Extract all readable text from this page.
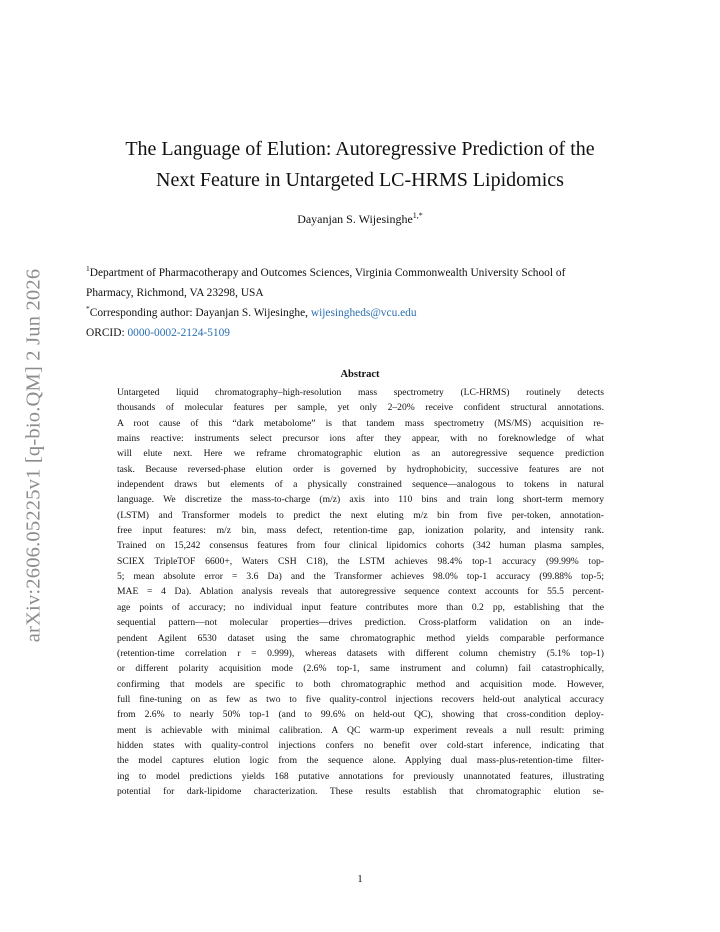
arXiv:2606.05225v1 [q-bio.QM] 2 Jun 2026
The Language of Elution: Autoregressive Prediction of the
Next Feature in Untargeted LC-HRMS Lipidomics
Dayanjan S. Wijesinghe$^{1,*}$
$^1$Department of Pharmacotherapy and Outcomes Sciences, Virginia Commonwealth University School of
Pharmacy, Richmond, VA 23298, USA
*Corresponding author: Dayanjan S. Wijesinghe, wijesingheds@vcu.edu
ORCID: 0000-0002-2124-5109
Abstract
Untargeted liquid chromatography–high-resolution mass spectrometry (LC-HRMS) routinely detects
thousands of molecular features per sample, yet only 2–20% receive confident structural annotations.
A root cause of this “dark metabolome” is that tandem mass spectrometry (MS/MS) acquisition re-
mains reactive: instruments select precursor ions after they appear, with no foreknowledge of what
will elute next. Here we reframe chromatographic elution as an autoregressive sequence prediction
task. Because reversed-phase elution order is governed by hydrophobicity, successive features are not
independent draws but elements of a physically constrained sequence—analogous to tokens in natural
language. We discretize the mass-to-charge (m/z) axis into 110 bins and train long short-term memory
(LSTM) and Transformer models to predict the next eluting m/z bin from five per-token, annotation-
free input features: m/z bin, mass defect, retention-time gap, ionization polarity, and intensity rank.
Trained on 15,242 consensus features from four clinical lipidomics cohorts (342 human plasma samples,
SCIEX TripleTOF 6600+, Waters CSH C18), the LSTM achieves 98.4% top-1 accuracy (99.99% top-
5; mean absolute error = 3.6 Da) and the Transformer achieves 98.0% top-1 accuracy (99.88% top-5;
MAE = 4 Da). Ablation analysis reveals that autoregressive sequence context accounts for 55.5 percent-
age points of accuracy; no individual input feature contributes more than 0.2 pp, establishing that the
sequential pattern—not molecular properties—drives prediction. Cross-platform validation on an inde-
pendent Agilent 6530 dataset using the same chromatographic method yields comparable performance
(retention-time correlation r = 0.999), whereas datasets with different column chemistry (5.1% top-1)
or different polarity acquisition mode (2.6% top-1, same instrument and column) fail catastrophically,
confirming that models are specific to both chromatographic method and acquisition mode. However,
full fine-tuning on as few as two to five quality-control injections recovers held-out analytical accuracy
from 2.6% to nearly 50% top-1 (and to 99.6% on held-out QC), showing that cross-condition deploy-
ment is achievable with minimal calibration. A QC warm-up experiment reveals a null result: priming
hidden states with quality-control injections confers no benefit over cold-start inference, indicating that
the model captures elution logic from the sequence alone. Applying dual mass-plus-retention-time filter-
ing to model predictions yields 168 putative annotations for previously unannotated features, illustrating
potential for dark-lipidome characterization. These results establish that chromatographic elution se-
1
